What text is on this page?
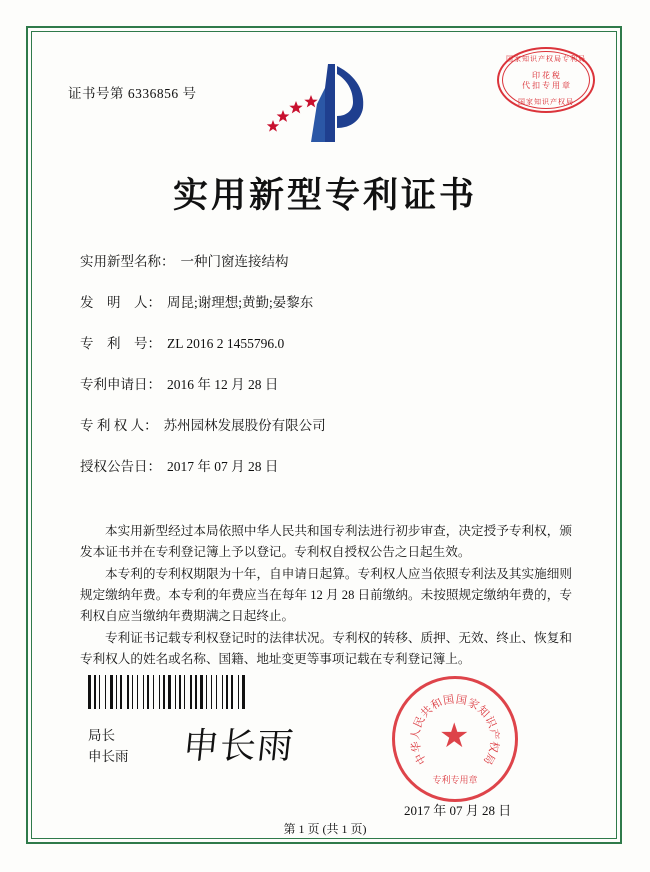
国家知识产权局专利局
印 花 税
代 扣 专 用 章
国家知识产权局
证书号第 6336856 号
实用新型专利证书
实用新型名称： 一种门窗连接结构
发　明　人： 周昆;谢理想;黄勤;晏黎东
专　利　号： ZL 2016 2 1455796.0
专利申请日： 2016 年 12 月 28 日
专 利 权 人： 苏州园林发展股份有限公司
授权公告日： 2017 年 07 月 28 日

本实用新型经过本局依照中华人民共和国专利法进行初步审查，决定授予专利权，颁发本证书并在专利登记簿上予以登记。专利权自授权公告之日起生效。

本专利的专利权期限为十年，自申请日起算。专利权人应当依照专利法及其实施细则规定缴纳年费。本专利的年费应当在每年 12 月 28 日前缴纳。未按照规定缴纳年费的，专利权自应当缴纳年费期满之日起终止。

专利证书记载专利权登记时的法律状况。专利权的转移、质押、无效、终止、恢复和专利权人的姓名或名称、国籍、地址变更等事项记载在专利登记簿上。

★
中
华
人
民
共
和
国 国
家
知
识
产
权
局
专利专用章
局长
申长雨 申长雨
2017 年 07 月 28 日
第 1 页 (共 1 页)
